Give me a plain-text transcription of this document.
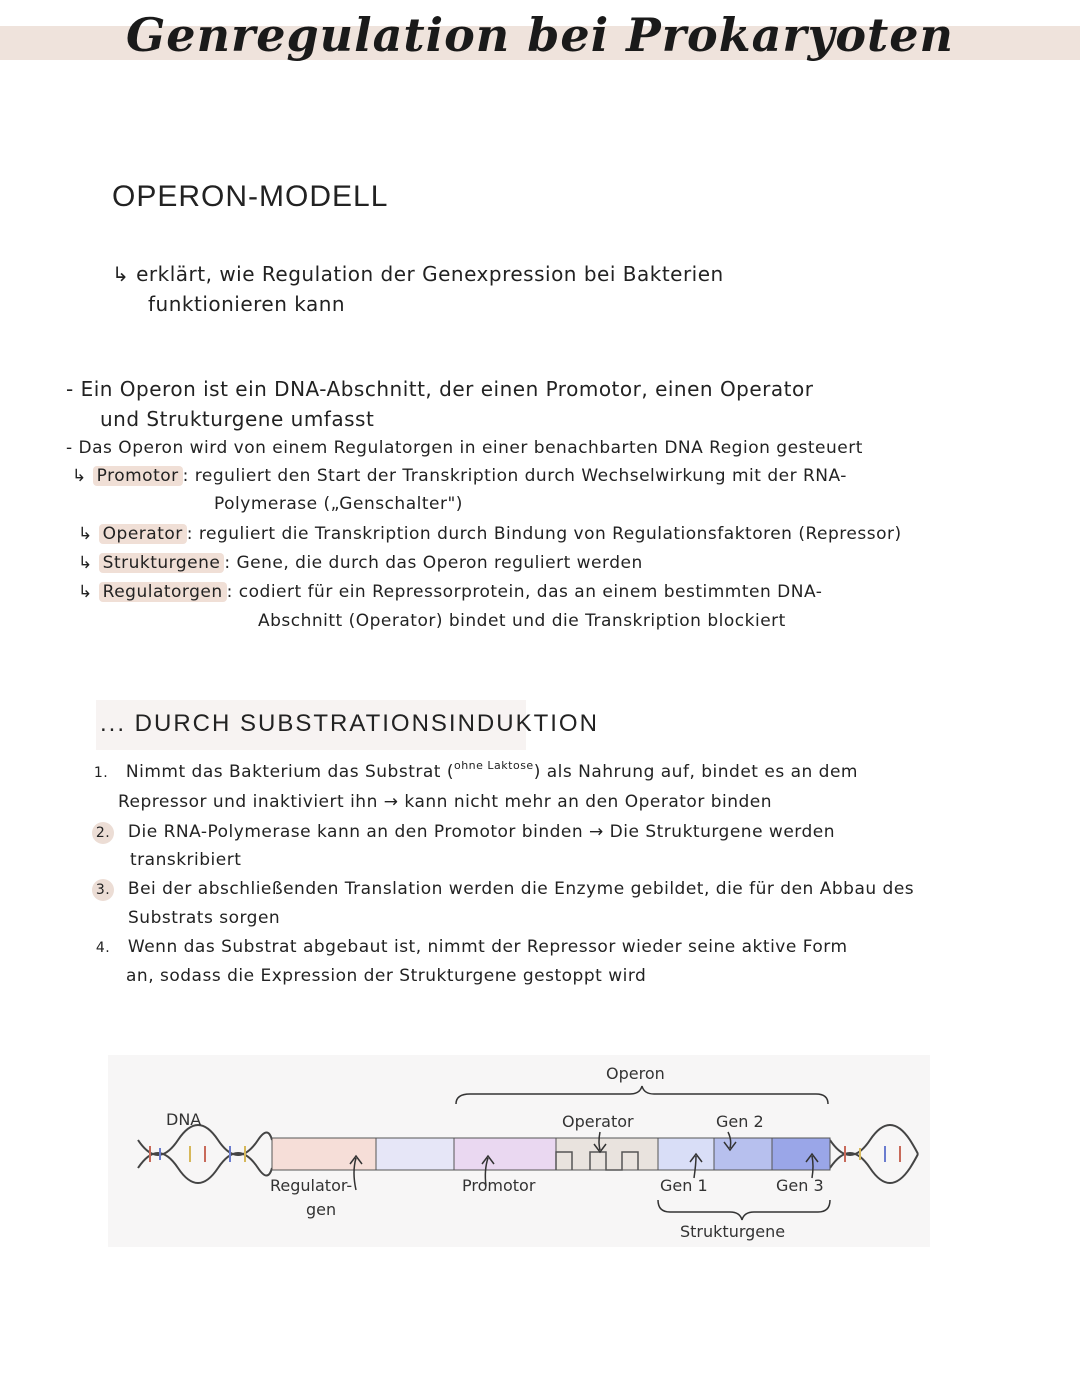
Genregulation bei Prokaryoten
OPERON-MODELL
↳ erklärt, wie Regulation der Genexpression bei Bakterien
funktionieren kann
- Ein Operon ist ein DNA-Abschnitt, der einen Promotor, einen Operator
und Strukturgene umfasst
- Das Operon wird von einem Regulatorgen in einer benachbarten DNA Region gesteuert
↳ Promotor : reguliert den Start der Transkription durch Wechselwirkung mit der RNA-
Polymerase („Genschalter")
↳ Operator : reguliert die Transkription durch Bindung von Regulationsfaktoren (Repressor)
↳ Strukturgene : Gene, die durch das Operon reguliert werden
↳ Regulatorgen : codiert für ein Repressorprotein, das an einem bestimmten DNA-
Abschnitt (Operator) bindet und die Transkription blockiert
... DURCH SUBSTRATIONSINDUKTION
1. Nimmt das Bakterium das Substrat ($^{ohne Laktose}$) als Nahrung auf, bindet es an dem
Repressor und inaktiviert ihn → kann nicht mehr an den Operator binden
2. Die RNA-Polymerase kann an den Promotor binden → Die Strukturgene werden
transkribiert
3. Bei der abschließenden Translation werden die Enzyme gebildet, die für den Abbau des
Substrats sorgen
4. Wenn das Substrat abgebaut ist, nimmt der Repressor wieder seine aktive Form
an, sodass die Expression der Strukturgene gestoppt wird
DNA
Operon
Operator	Gen 2
Regulator-
gen
Promotor	Gen 1	Gen 3
Strukturgene
